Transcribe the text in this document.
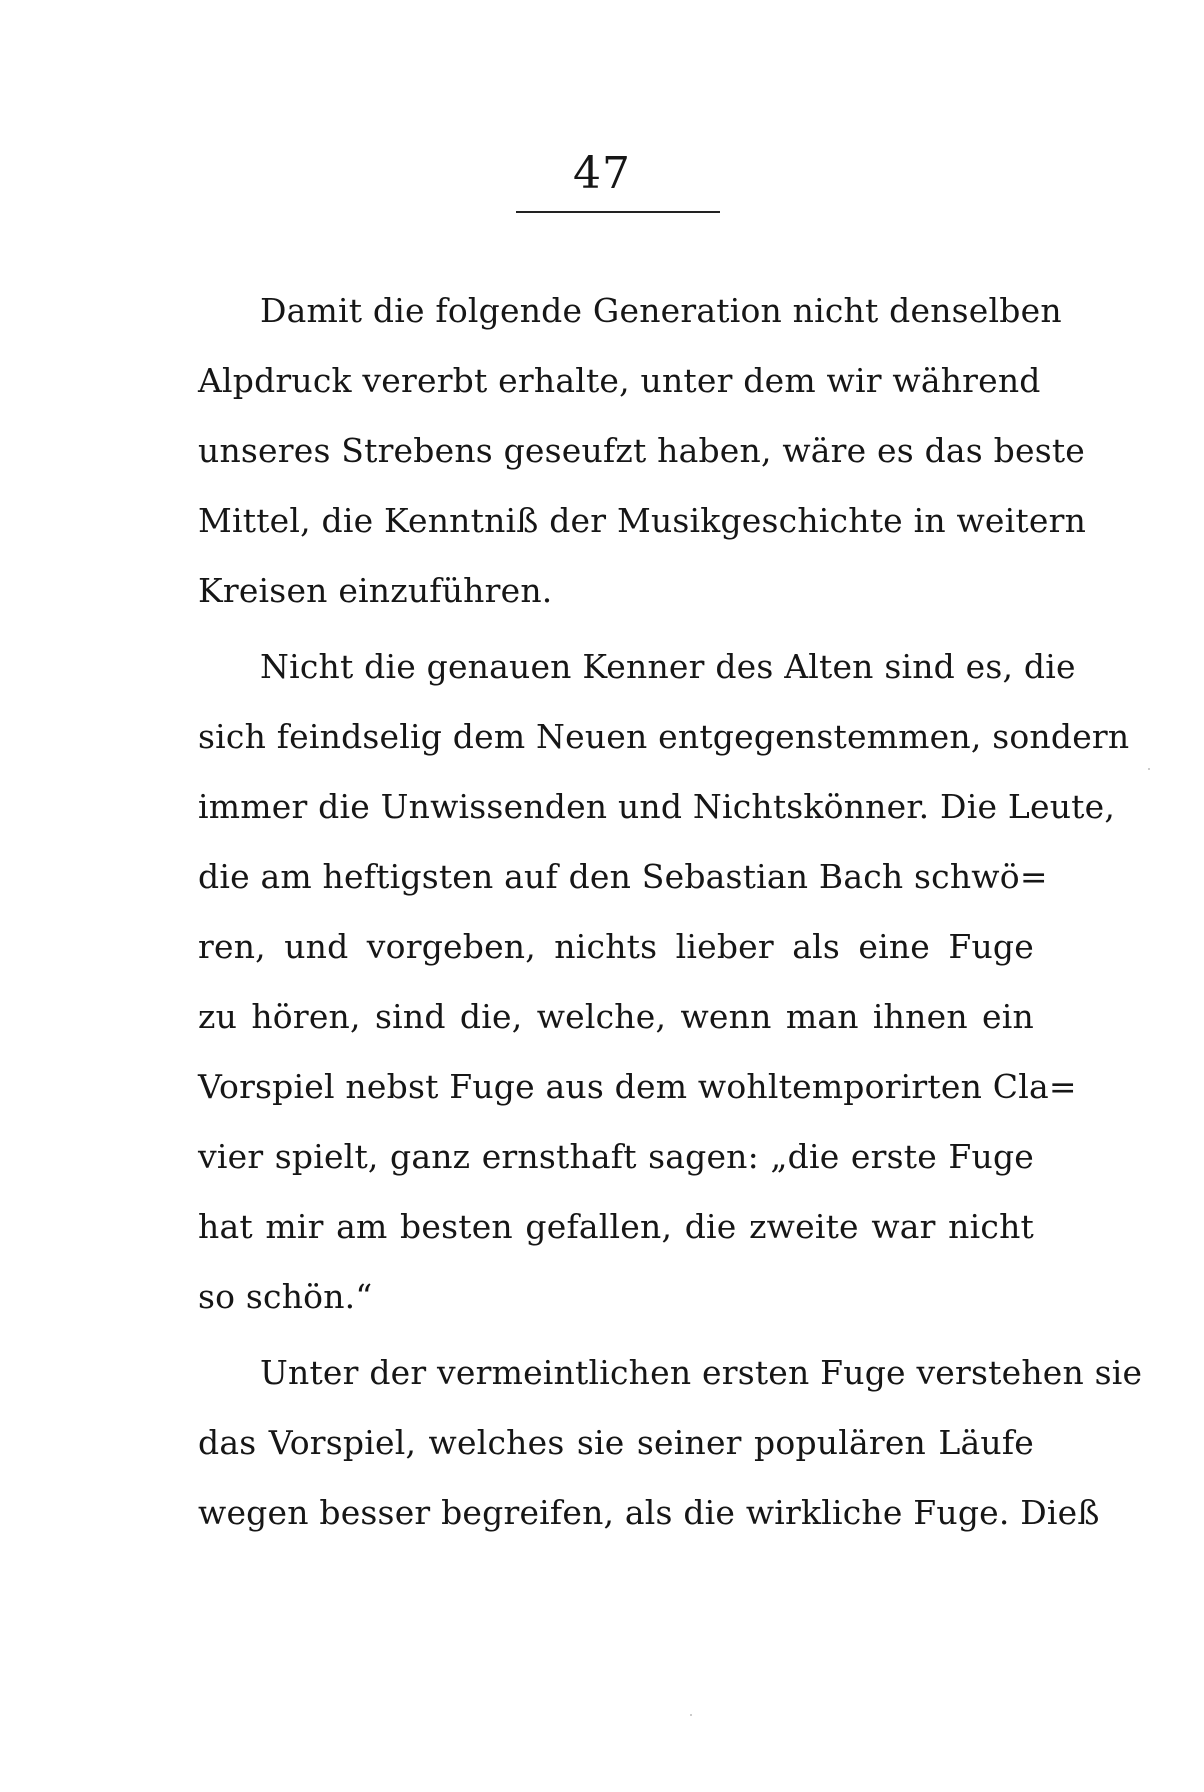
47
Damit die folgende Generation nicht denselben
Alpdruck vererbt erhalte, unter dem wir während
unseres Strebens geseufzt haben, wäre es das beste
Mittel, die Kenntniß der Musikgeschichte in weitern
Kreisen einzuführen.
Nicht die genauen Kenner des Alten sind es, die
sich feindselig dem Neuen entgegenstemmen, sondern
immer die Unwissenden und Nichtskönner. Die Leute,
die am heftigsten auf den Sebastian Bach schwö=
ren, und vorgeben, nichts lieber als eine Fuge
zu hören, sind die, welche, wenn man ihnen ein
Vorspiel nebst Fuge aus dem wohltemporirten Cla=
vier spielt, ganz ernsthaft sagen: „die erste Fuge
hat mir am besten gefallen, die zweite war nicht
so schön.“
Unter der vermeintlichen ersten Fuge verstehen sie
das Vorspiel, welches sie seiner populären Läufe
wegen besser begreifen, als die wirkliche Fuge. Dieß
